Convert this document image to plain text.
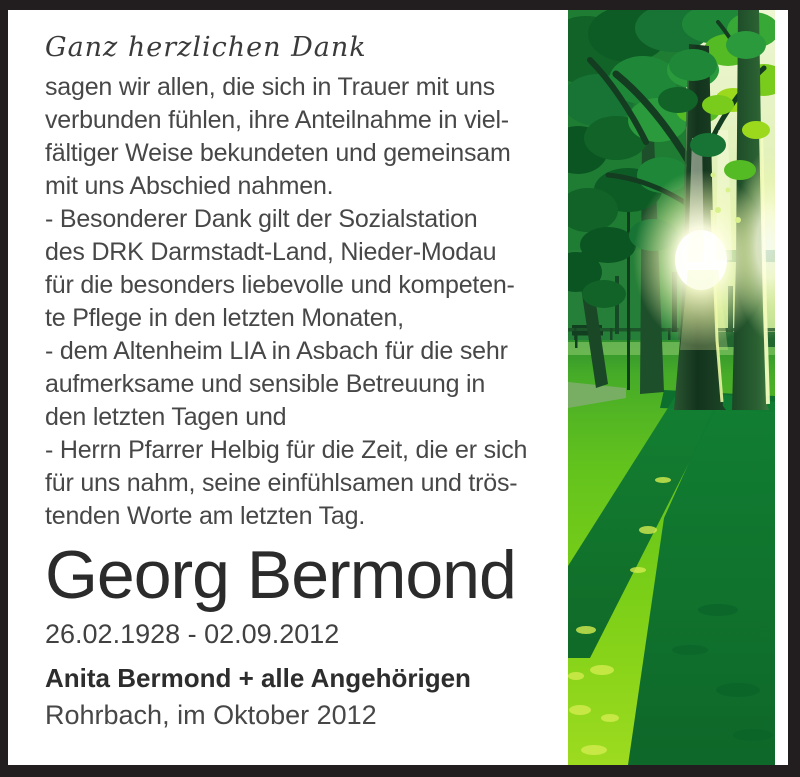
Ganz herzlichen Dank
sagen wir allen, die sich in Trauer mit uns
verbunden fühlen, ihre Anteilnahme in viel-
fältiger Weise bekundeten und gemeinsam
mit uns Abschied nahmen.
- Besonderer Dank gilt der Sozialstation
des DRK Darmstadt-Land, Nieder-Modau
für die besonders liebevolle und kompeten-
te Pflege in den letzten Monaten,
- dem Altenheim LIA in Asbach für die sehr
aufmerksame und sensible Betreuung in
den letzten Tagen und
- Herrn Pfarrer Helbig für die Zeit, die er sich
für uns nahm, seine einfühlsamen und trös-
tenden Worte am letzten Tag.
Georg Bermond
26.02.1928 - 02.09.2012
Anita Bermond + alle Angehörigen
Rohrbach, im Oktober 2012
